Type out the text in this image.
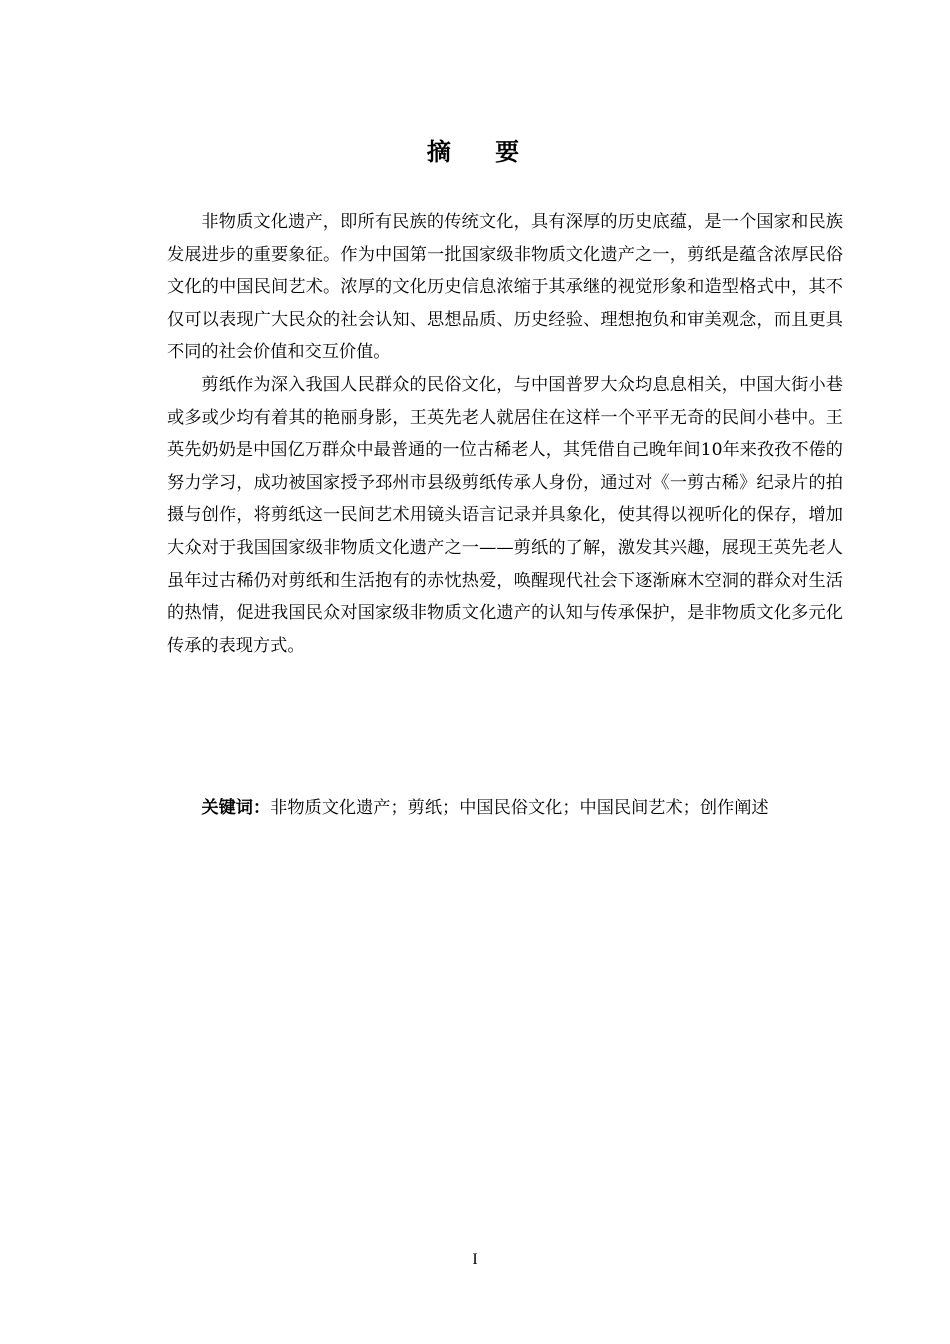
摘 要

非物质文化遗产，即所有民族的传统文化，具有深厚的历史底蕴，是一个国家和民族发展进步的重要象征。作为中国第一批国家级非物质文化遗产之一，剪纸是蕴含浓厚民俗文化的中国民间艺术。浓厚的文化历史信息浓缩于其承继的视觉形象和造型格式中，其不仅可以表现广大民众的社会认知、思想品质、历史经验、理想抱负和审美观念，而且更具不同的社会价值和交互价值。

剪纸作为深入我国人民群众的民俗文化，与中国普罗大众均息息相关，中国大街小巷或多或少均有着其的艳丽身影，王英先老人就居住在这样一个平平无奇的民间小巷中。王英先奶奶是中国亿万群众中最普通的一位古稀老人，其凭借自己晚年间10年来孜孜不倦的努力学习，成功被国家授予邳州市县级剪纸传承人身份，通过对《一剪古稀》纪录片的拍摄与创作，将剪纸这一民间艺术用镜头语言记录并具象化，使其得以视听化的保存，增加大众对于我国国家级非物质文化遗产之一——剪纸的了解，激发其兴趣，展现王英先老人虽年过古稀仍对剪纸和生活抱有的赤忱热爱，唤醒现代社会下逐渐麻木空洞的群众对生活的热情，促进我国民众对国家级非物质文化遗产的认知与传承保护，是非物质文化多元化传承的表现方式。

关键词：非物质文化遗产；剪纸；中国民俗文化；中国民间艺术；创作阐述

I
